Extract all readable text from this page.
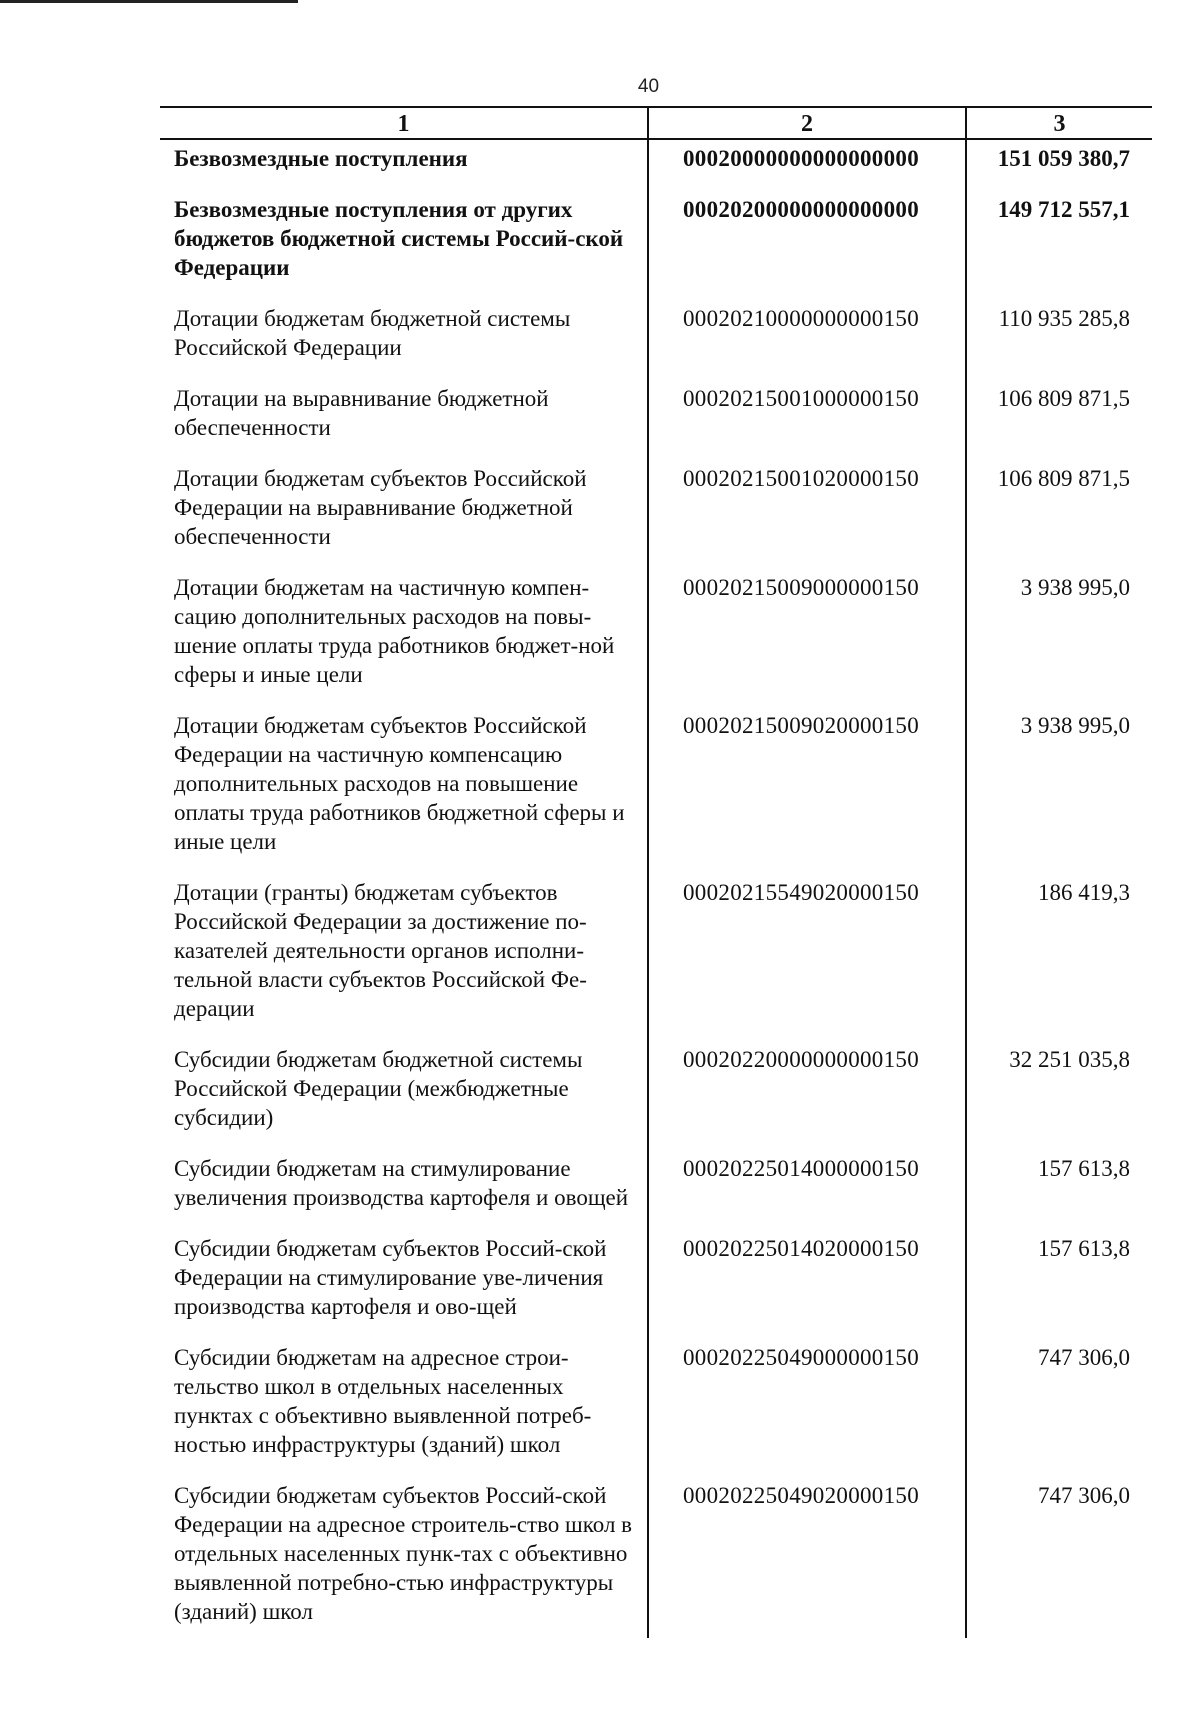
40
1	2	3
Безвозмездные поступления	00020000000000000000	151 059 380,7
Безвозмездные поступления от других бюджетов бюджетной системы Россий-ской Федерации	00020200000000000000	149 712 557,1
Дотации бюджетам бюджетной системы Российской Федерации	00020210000000000150	110 935 285,8
Дотации на выравнивание бюджетной обеспеченности	00020215001000000150	106 809 871,5
Дотации бюджетам субъектов Российской Федерации на выравнивание бюджетной обеспеченности	00020215001020000150	106 809 871,5
Дотации бюджетам на частичную компен-сацию дополнительных расходов на повы-шение оплаты труда работников бюджет-ной сферы и иные цели	00020215009000000150	3 938 995,0
Дотации бюджетам субъектов Российской Федерации на частичную компенсацию дополнительных расходов на повышение оплаты труда работников бюджетной сферы и иные цели	00020215009020000150	3 938 995,0
Дотации (гранты) бюджетам субъектов Российской Федерации за достижение по-казателей деятельности органов исполни-тельной власти субъектов Российской Фе-дерации	00020215549020000150	186 419,3
Субсидии бюджетам бюджетной системы Российской Федерации (межбюджетные субсидии)	00020220000000000150	32 251 035,8
Субсидии бюджетам на стимулирование увеличения производства картофеля и овощей	00020225014000000150	157 613,8
Субсидии бюджетам субъектов Россий-ской Федерации на стимулирование уве-личения производства картофеля и ово-щей	00020225014020000150	157 613,8
Субсидии бюджетам на адресное строи-тельство школ в отдельных населенных пунктах с объективно выявленной потреб-ностью инфраструктуры (зданий) школ	00020225049000000150	747 306,0
Субсидии бюджетам субъектов Россий-ской Федерации на адресное строитель-ство школ в отдельных населенных пунк-тах с объективно выявленной потребно-стью инфраструктуры (зданий) школ	00020225049020000150	747 306,0
